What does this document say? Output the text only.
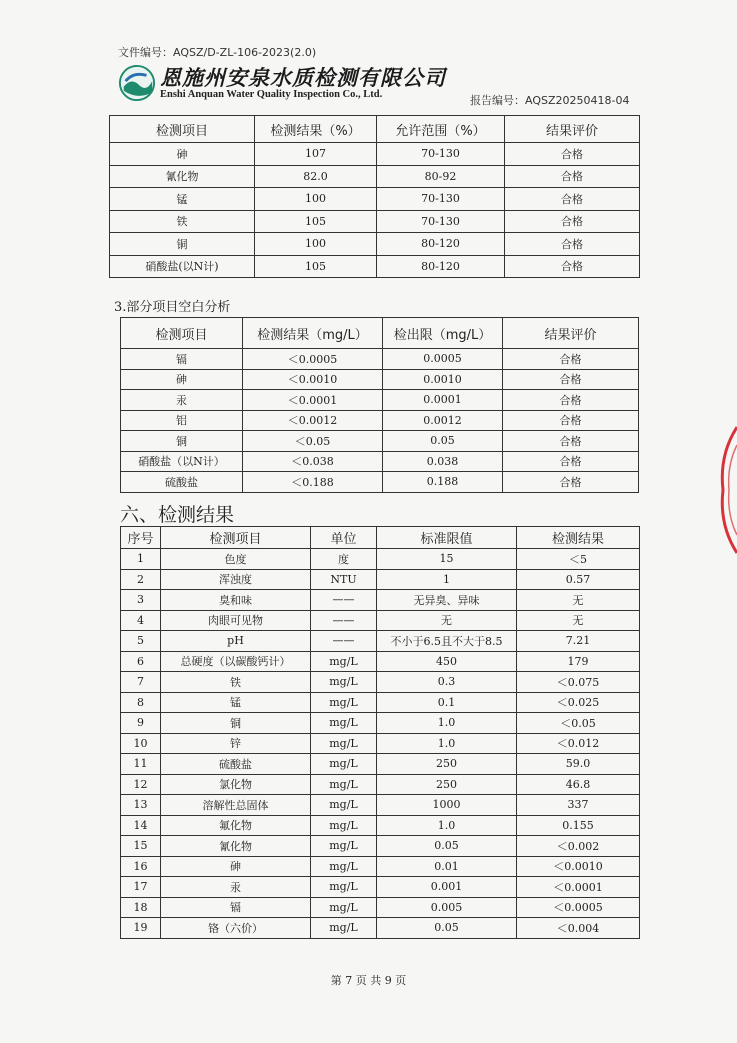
文件编号：AQSZ/D-ZL-106-2023(2.0)
恩施州安泉水质检测有限公司
Enshi Anquan Water Quality Inspection Co., Ltd.	报告编号：AQSZ20250418-04
检测项目	检测结果（%）	允许范围（%）	结果评价
砷	107	70-130	合格
氰化物	82.0	80-92	合格
锰	100	70-130	合格
铁	105	70-130	合格
铜	100	80-120	合格
硝酸盐(以N计)	105	80-120	合格
3.部分项目空白分析
检测项目	检测结果（mg/L）	检出限（mg/L）	结果评价
镉	＜0.0005	0.0005	合格
砷	＜0.0010	0.0010	合格
汞	＜0.0001	0.0001	合格
铝	＜0.0012	0.0012	合格
铜	＜0.05	0.05	合格
硝酸盐（以N计）	＜0.038	0.038	合格
硫酸盐	＜0.188	0.188	合格
六、检测结果
序号	检测项目	单位	标准限值	检测结果
1	色度	度	15	＜5
2	浑浊度	NTU	1	0.57
3	臭和味	——	无异臭、异味	无
4	肉眼可见物	——	无	无
5	pH	——	不小于6.5且不大于8.5	7.21
6	总硬度（以碳酸钙计）	mg/L	450	179
7	铁	mg/L	0.3	＜0.075
8	锰	mg/L	0.1	＜0.025
9	铜	mg/L	1.0	＜0.05
10	锌	mg/L	1.0	＜0.012
11	硫酸盐	mg/L	250	59.0
12	氯化物	mg/L	250	46.8
13	溶解性总固体	mg/L	1000	337
14	氟化物	mg/L	1.0	0.155
15	氰化物	mg/L	0.05	＜0.002
16	砷	mg/L	0.01	＜0.0010
17	汞	mg/L	0.001	＜0.0001
18	镉	mg/L	0.005	＜0.0005
19	铬（六价）	mg/L	0.05	＜0.004
第 7 页 共 9 页
